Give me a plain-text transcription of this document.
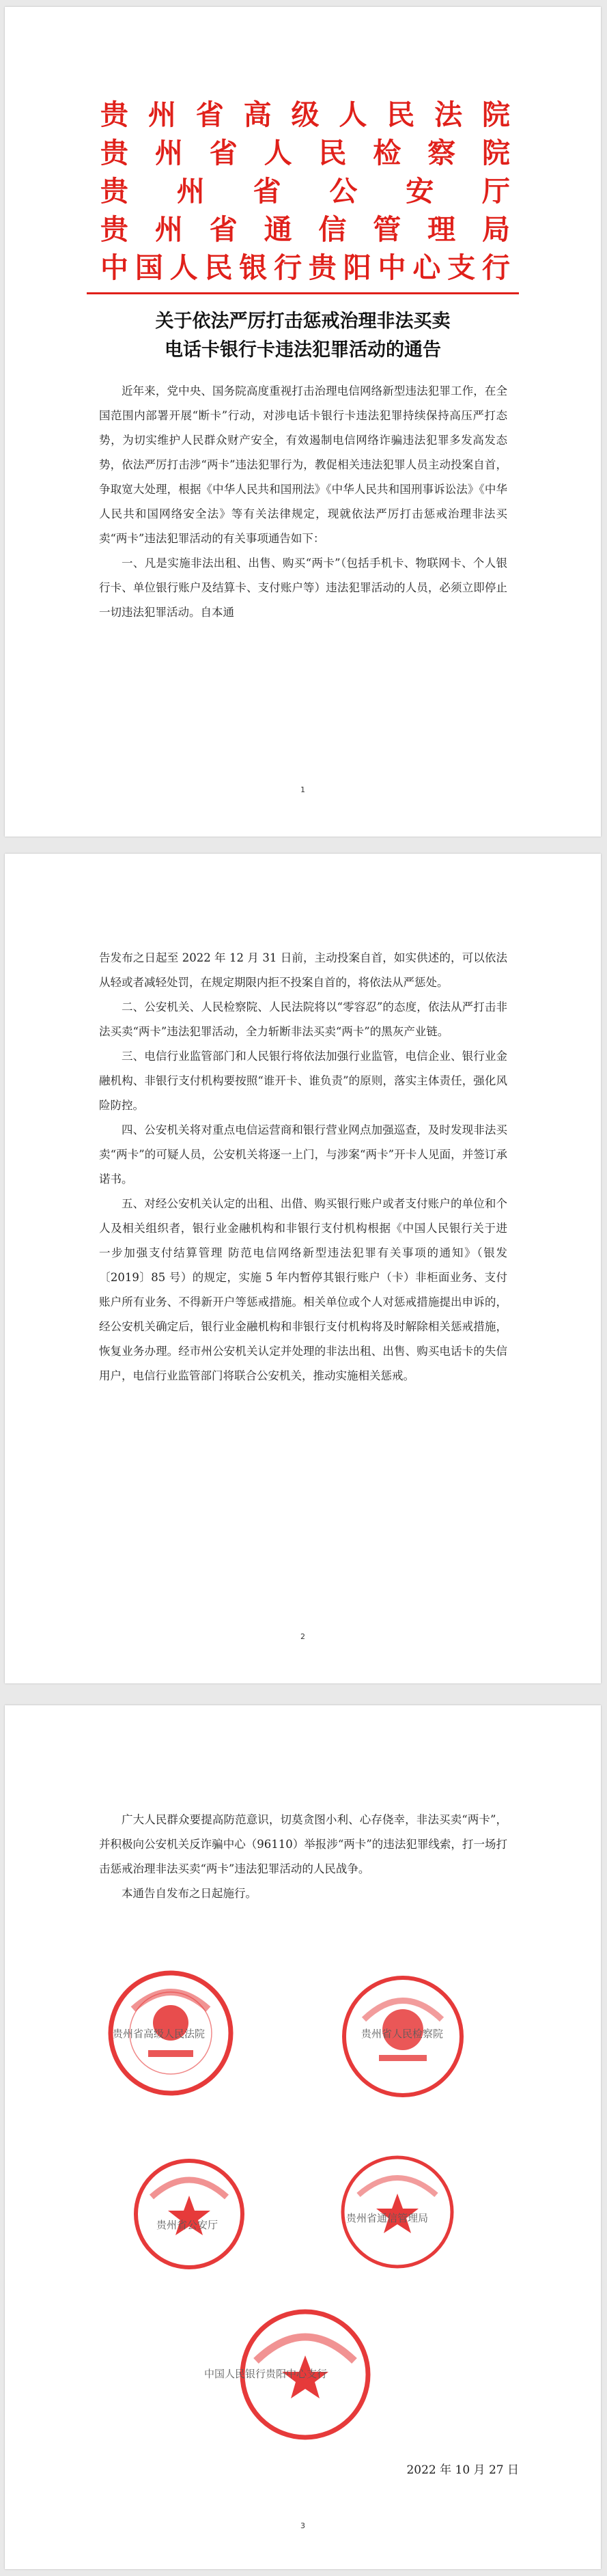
贵州省高级人民法院
贵州省人民检察院
贵州省公安厅
贵州省通信管理局
中国人民银行贵阳中心支行
关于依法严厉打击惩戒治理非法买卖
电话卡银行卡违法犯罪活动的通告

近年来，党中央、国务院高度重视打击治理电信网络新型违法犯罪工作，在全国范围内部署开展“断卡”行动，对涉电话卡银行卡违法犯罪持续保持高压严打态势，为切实维护人民群众财产安全，有效遏制电信网络诈骗违法犯罪多发高发态势，依法严厉打击涉“两卡”违法犯罪行为，教促相关违法犯罪人员主动投案自首，争取宽大处理，根据《中华人民共和国刑法》《中华人民共和国刑事诉讼法》《中华人民共和国网络安全法》等有关法律规定，现就依法严厉打击惩戒治理非法买卖“两卡”违法犯罪活动的有关事项通告如下：

一、凡是实施非法出租、出售、购买“两卡”（包括手机卡、物联网卡、个人银行卡、单位银行账户及结算卡、支付账户等）违法犯罪活动的人员，必须立即停止一切违法犯罪活动。自本通

1

告发布之日起至 2022 年 12 月 31 日前，主动投案自首，如实供述的，可以依法从轻或者减轻处罚，在规定期限内拒不投案自首的，将依法从严惩处。

二、公安机关、人民检察院、人民法院将以“零容忍”的态度，依法从严打击非法买卖“两卡”违法犯罪活动，全力斩断非法买卖“两卡”的黑灰产业链。

三、电信行业监管部门和人民银行将依法加强行业监管，电信企业、银行业金融机构、非银行支付机构要按照“谁开卡、谁负责”的原则，落实主体责任，强化风险防控。

四、公安机关将对重点电信运营商和银行营业网点加强巡查，及时发现非法买卖“两卡”的可疑人员，公安机关将逐一上门，与涉案“两卡”开卡人见面，并签订承诺书。

五、对经公安机关认定的出租、出借、购买银行账户或者支付账户的单位和个人及相关组织者，银行业金融机构和非银行支付机构根据《中国人民银行关于进 一步加强支付结算管理 防范电信网络新型违法犯罪有关事项的通知》（银发〔2019〕85 号）的规定，实施 5 年内暂停其银行账户（卡）非柜面业务、支付账户所有业务、不得新开户等惩戒措施。相关单位或个人对惩戒措施提出申诉的，经公安机关确定后，银行业金融机构和非银行支付机构将及时解除相关惩戒措施，恢复业务办理。经市州公安机关认定并处理的非法出租、出售、购买电话卡的失信用户，电信行业监管部门将联合公安机关，推动实施相关惩戒。

2

广大人民群众要提高防范意识，切莫贪图小利、心存侥幸，非法买卖“两卡”，并积极向公安机关反诈骗中心（96110）举报涉“两卡”的违法犯罪线索，打一场打击惩戒治理非法买卖“两卡”违法犯罪活动的人民战争。

本通告自发布之日起施行。

贵州省高级人民法院	贵州省人民检察院
贵州省公安厅
贵州省通信管理局
中国人民银行贵阳中心支行
2022 年 10 月 27 日
3
